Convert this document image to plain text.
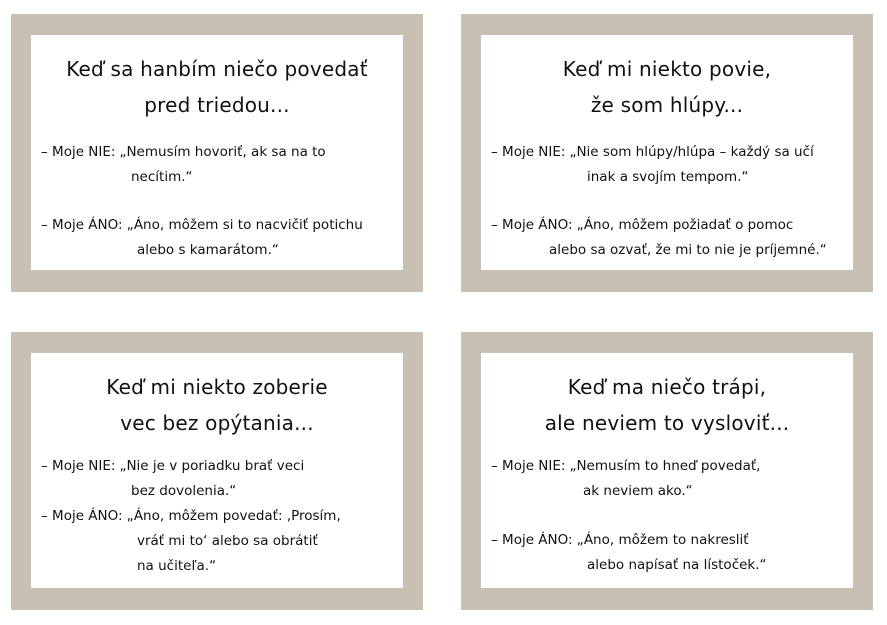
Keď sa hanbím niečo povedať
pred triedou...
– Moje NIE: „Nemusím hovoriť, ak sa na to
necítim.“
– Moje ÁNO: „Áno, môžem si to nacvičiť potichu
alebo s kamarátom.“
Keď mi niekto povie,
že som hlúpy...
– Moje NIE: „Nie som hlúpy/hlúpa – každý sa učí
inak a svojím tempom.“
– Moje ÁNO: „Áno, môžem požiadať o pomoc
alebo sa ozvať, že mi to nie je príjemné.“
Keď mi niekto zoberie
vec bez opýtania...
– Moje NIE: „Nie je v poriadku brať veci
bez dovolenia.“
– Moje ÁNO: „Áno, môžem povedať: ‚Prosím,
vráť mi to‘ alebo sa obrátiť
na učiteľa.“
Keď ma niečo trápi,
ale neviem to vysloviť...
– Moje NIE: „Nemusím to hneď povedať,
ak neviem ako.“
– Moje ÁNO: „Áno, môžem to nakresliť
alebo napísať na lístoček.“
